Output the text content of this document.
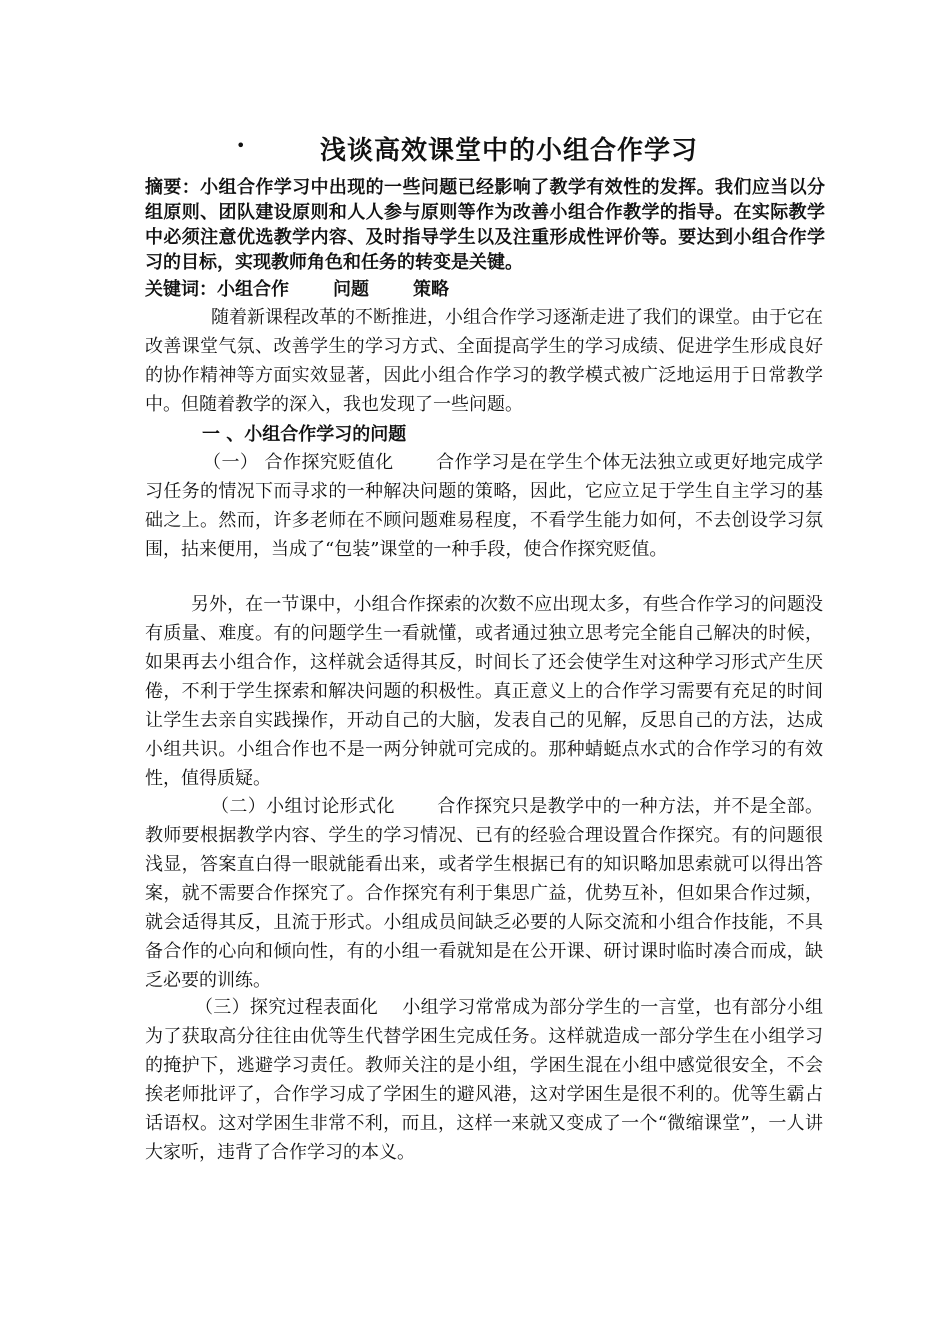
•	浅谈高效课堂中的小组合作学习
摘要：小组合作学习中出现的一些问题已经影响了教学有效性的发挥。我们应当以分组原则、团队建设原则和人人参与原则等作为改善小组合作教学的指导。在实际教学中必须注意优选教学内容、及时指导学生以及注重形成性评价等。要达到小组合作学习的目标，实现教师角色和任务的转变是关键。
关键词：小组合作 问题 策略

随着新课程改革的不断推进，小组合作学习逐渐走进了我们的课堂。由于它在改善课堂气氛、改善学生的学习方式、全面提高学生的学习成绩、促进学生形成良好的协作精神等方面实效显著，因此小组合作学习的教学模式被广泛地运用于日常教学中。但随着教学的深入，我也发现了一些问题。

一 、小组合作学习的问题

（一） 合作探究贬值化 合作学习是在学生个体无法独立或更好地完成学习任务的情况下而寻求的一种解决问题的策略，因此，它应立足于学生自主学习的基础之上。然而，许多老师在不顾问题难易程度，不看学生能力如何，不去创设学习氛围，拈来便用，当成了“包装”课堂的一种手段，使合作探究贬值。

另外，在一节课中，小组合作探索的次数不应出现太多，有些合作学习的问题没有质量、难度。有的问题学生一看就懂，或者通过独立思考完全能自己解决的时候，如果再去小组合作，这样就会适得其反，时间长了还会使学生对这种学习形式产生厌倦，不利于学生探索和解决问题的积极性。真正意义上的合作学习需要有充足的时间让学生去亲自实践操作，开动自己的大脑，发表自己的见解，反思自己的方法，达成小组共识。小组合作也不是一两分钟就可完成的。那种蜻蜓点水式的合作学习的有效性，值得质疑。

（二）小组讨论形式化 合作探究只是教学中的一种方法，并不是全部。教师要根据教学内容、学生的学习情况、已有的经验合理设置合作探究。有的问题很浅显，答案直白得一眼就能看出来，或者学生根据已有的知识略加思索就可以得出答案，就不需要合作探究了。合作探究有利于集思广益，优势互补，但如果合作过频，就会适得其反，且流于形式。小组成员间缺乏必要的人际交流和小组合作技能，不具备合作的心向和倾向性，有的小组一看就知是在公开课、研讨课时临时凑合而成，缺乏必要的训练。

（三）探究过程表面化 小组学习常常成为部分学生的一言堂，也有部分小组为了获取高分往往由优等生代替学困生完成任务。这样就造成一部分学生在小组学习的掩护下，逃避学习责任。教师关注的是小组，学困生混在小组中感觉很安全，不会挨老师批评了，合作学习成了学困生的避风港，这对学困生是很不利的。优等生霸占话语权。这对学困生非常不利，而且，这样一来就又变成了一个“微缩课堂”，一人讲大家听，违背了合作学习的本义。
